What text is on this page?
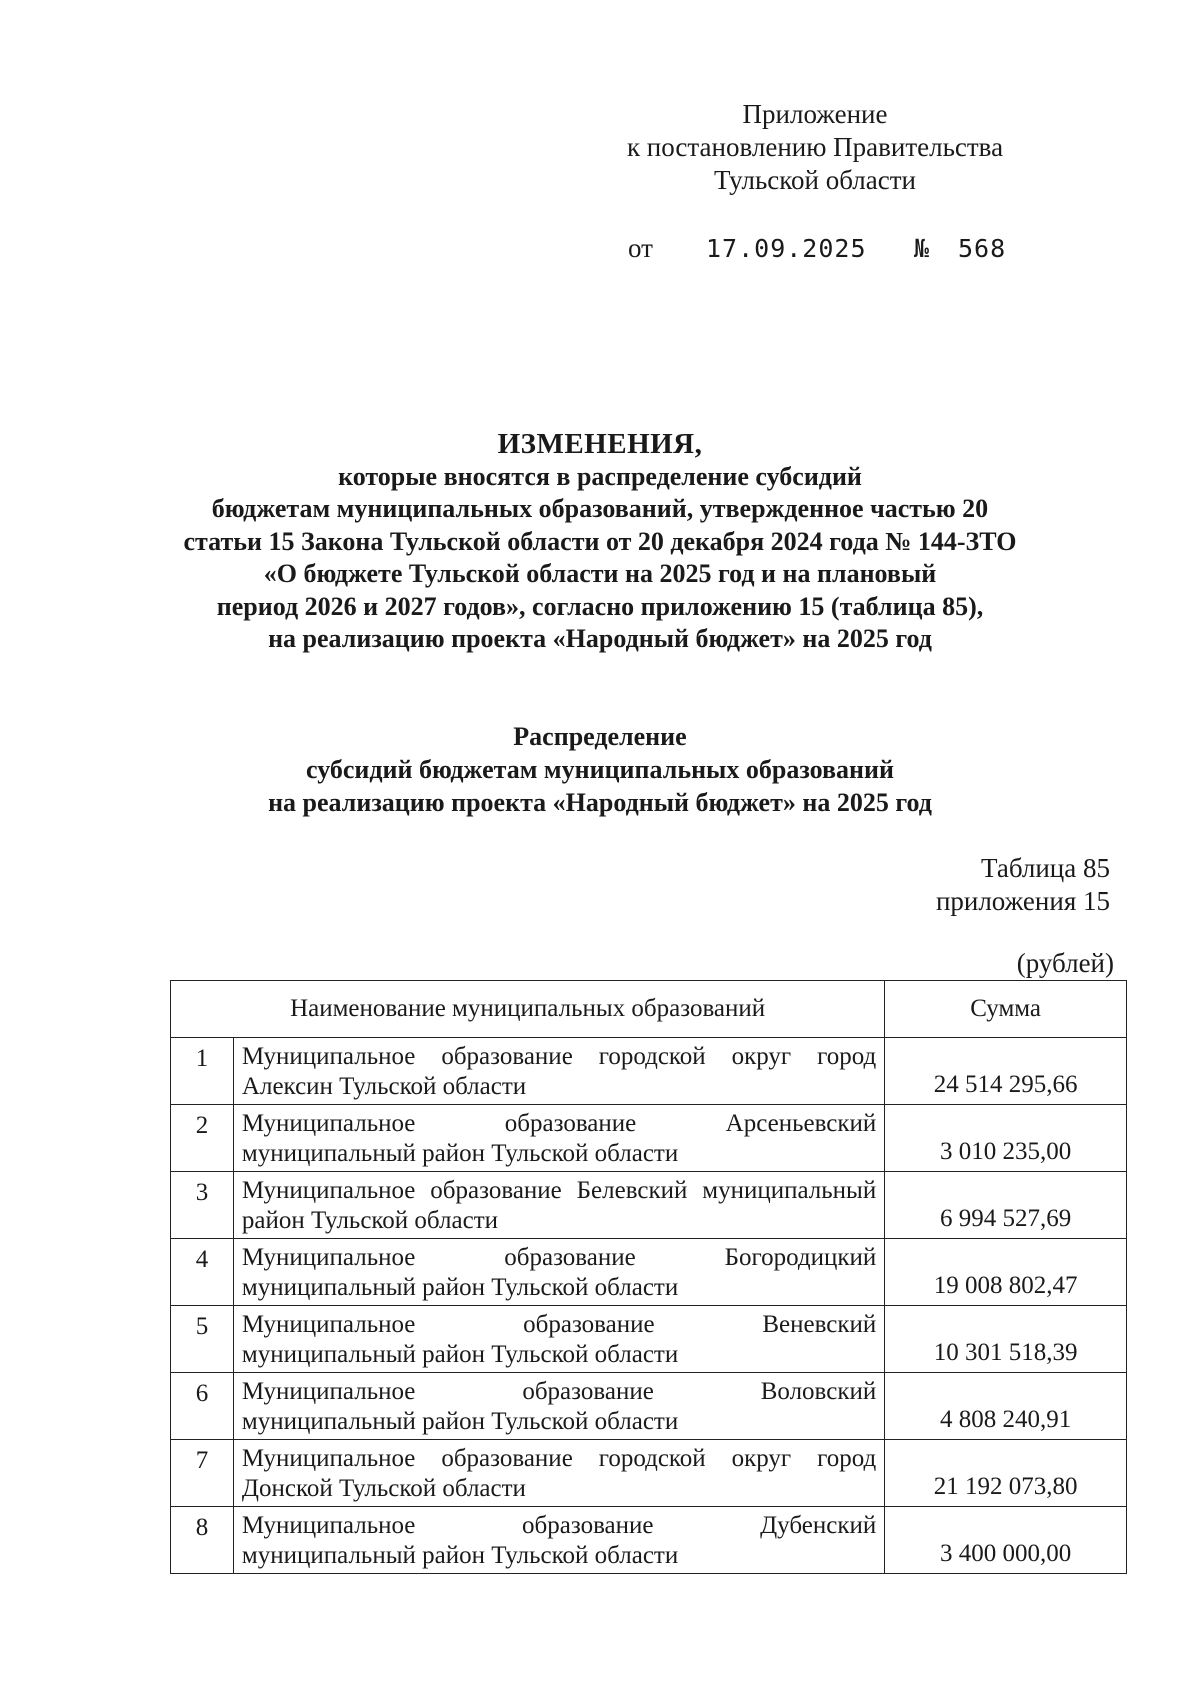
Приложение
к постановлению Правительства
Тульской области
от 17.09.2025 № 568
ИЗМЕНЕНИЯ,
которые вносятся в распределение субсидий
бюджетам муниципальных образований, утвержденное частью 20
статьи 15 Закона Тульской области от 20 декабря 2024 года № 144-ЗТО
«О бюджете Тульской области на 2025 год и на плановый
период 2026 и 2027 годов», согласно приложению 15 (таблица 85),
на реализацию проекта «Народный бюджет» на 2025 год
Распределение
субсидий бюджетам муниципальных образований
на реализацию проекта «Народный бюджет» на 2025 год
Таблица 85
приложения 15
(рублей)
Наименование муниципальных образований		Сумма
1	Муниципальное образование городской округ город
Алексин Тульской области	24 514 295,66
2	Муниципальное образование Арсеньевский
муниципальный район Тульской области	3 010 235,00
3	Муниципальное образование Белевский муниципальный
район Тульской области	6 994 527,69
4	Муниципальное образование Богородицкий
муниципальный район Тульской области	19 008 802,47
5	Муниципальное образование Веневский
муниципальный район Тульской области	10 301 518,39
6	Муниципальное образование Воловский
муниципальный район Тульской области	4 808 240,91
7	Муниципальное образование городской округ город
Донской Тульской области	21 192 073,80
8	Муниципальное образование Дубенский
муниципальный район Тульской области	3 400 000,00
